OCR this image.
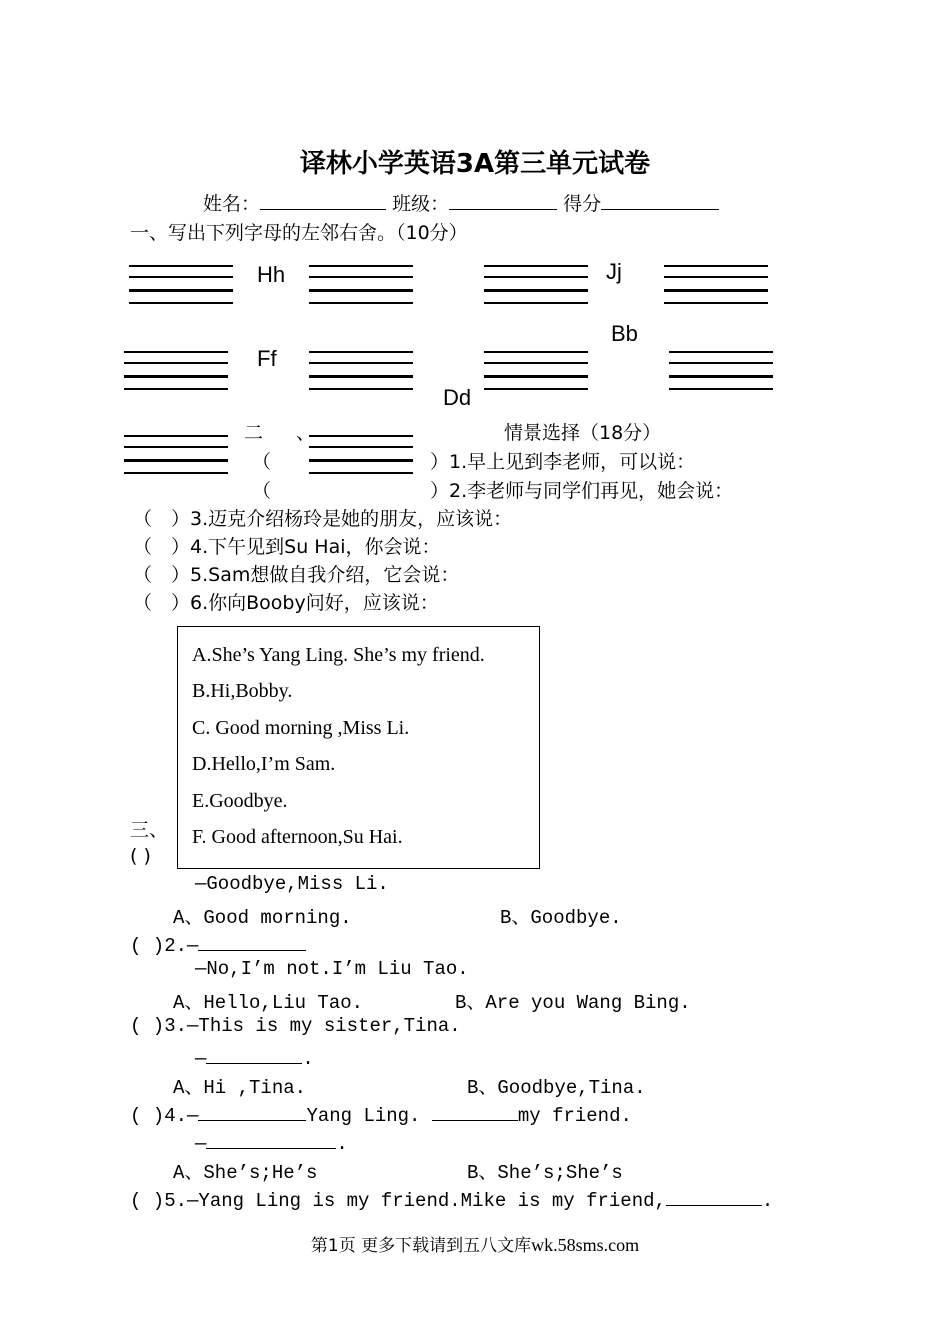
译林小学英语3A第三单元试卷
姓名：	班级：	得分
一、写出下列字母的左邻右舍。（10分）
Hh	Jj
Bb
Ff
Dd
二 、	情景选择（18分）
（	）1.早上见到李老师，可以说：
（	）2.李老师与同学们再见，她会说：
（　）3.迈克介绍杨玲是她的朋友，应该说：
（　）4.下午见到Su Hai，你会说：
（　）5.Sam想做自我介绍，它会说：
（　）6.你向Booby问好，应该说：
三、
( )
A.She’s Yang Ling. She’s my friend.
B.Hi,Bobby.
C. Good morning ,Miss Li.
D.Hello,I’m Sam.
E.Goodbye.
F. Good afternoon,Su Hai.
—Goodbye,Miss Li.
A、Good morning.	B、Goodbye.
( )2.—
—No,I’m not.I’m Liu Tao.
A、Hello,Liu Tao.	B、Are you Wang Bing.
( )3.—This is my sister,Tina.
—	.
A、Hi ,Tina.	B、Goodbye,Tina.
( )4.—	Yang Ling.	my friend.
—	.
A、She’s;He’s	B、She’s;She’s
( )5.—Yang Ling is my friend.Mike is my friend,	.
第1页 更多下载请到五八文库wk.58sms.com
